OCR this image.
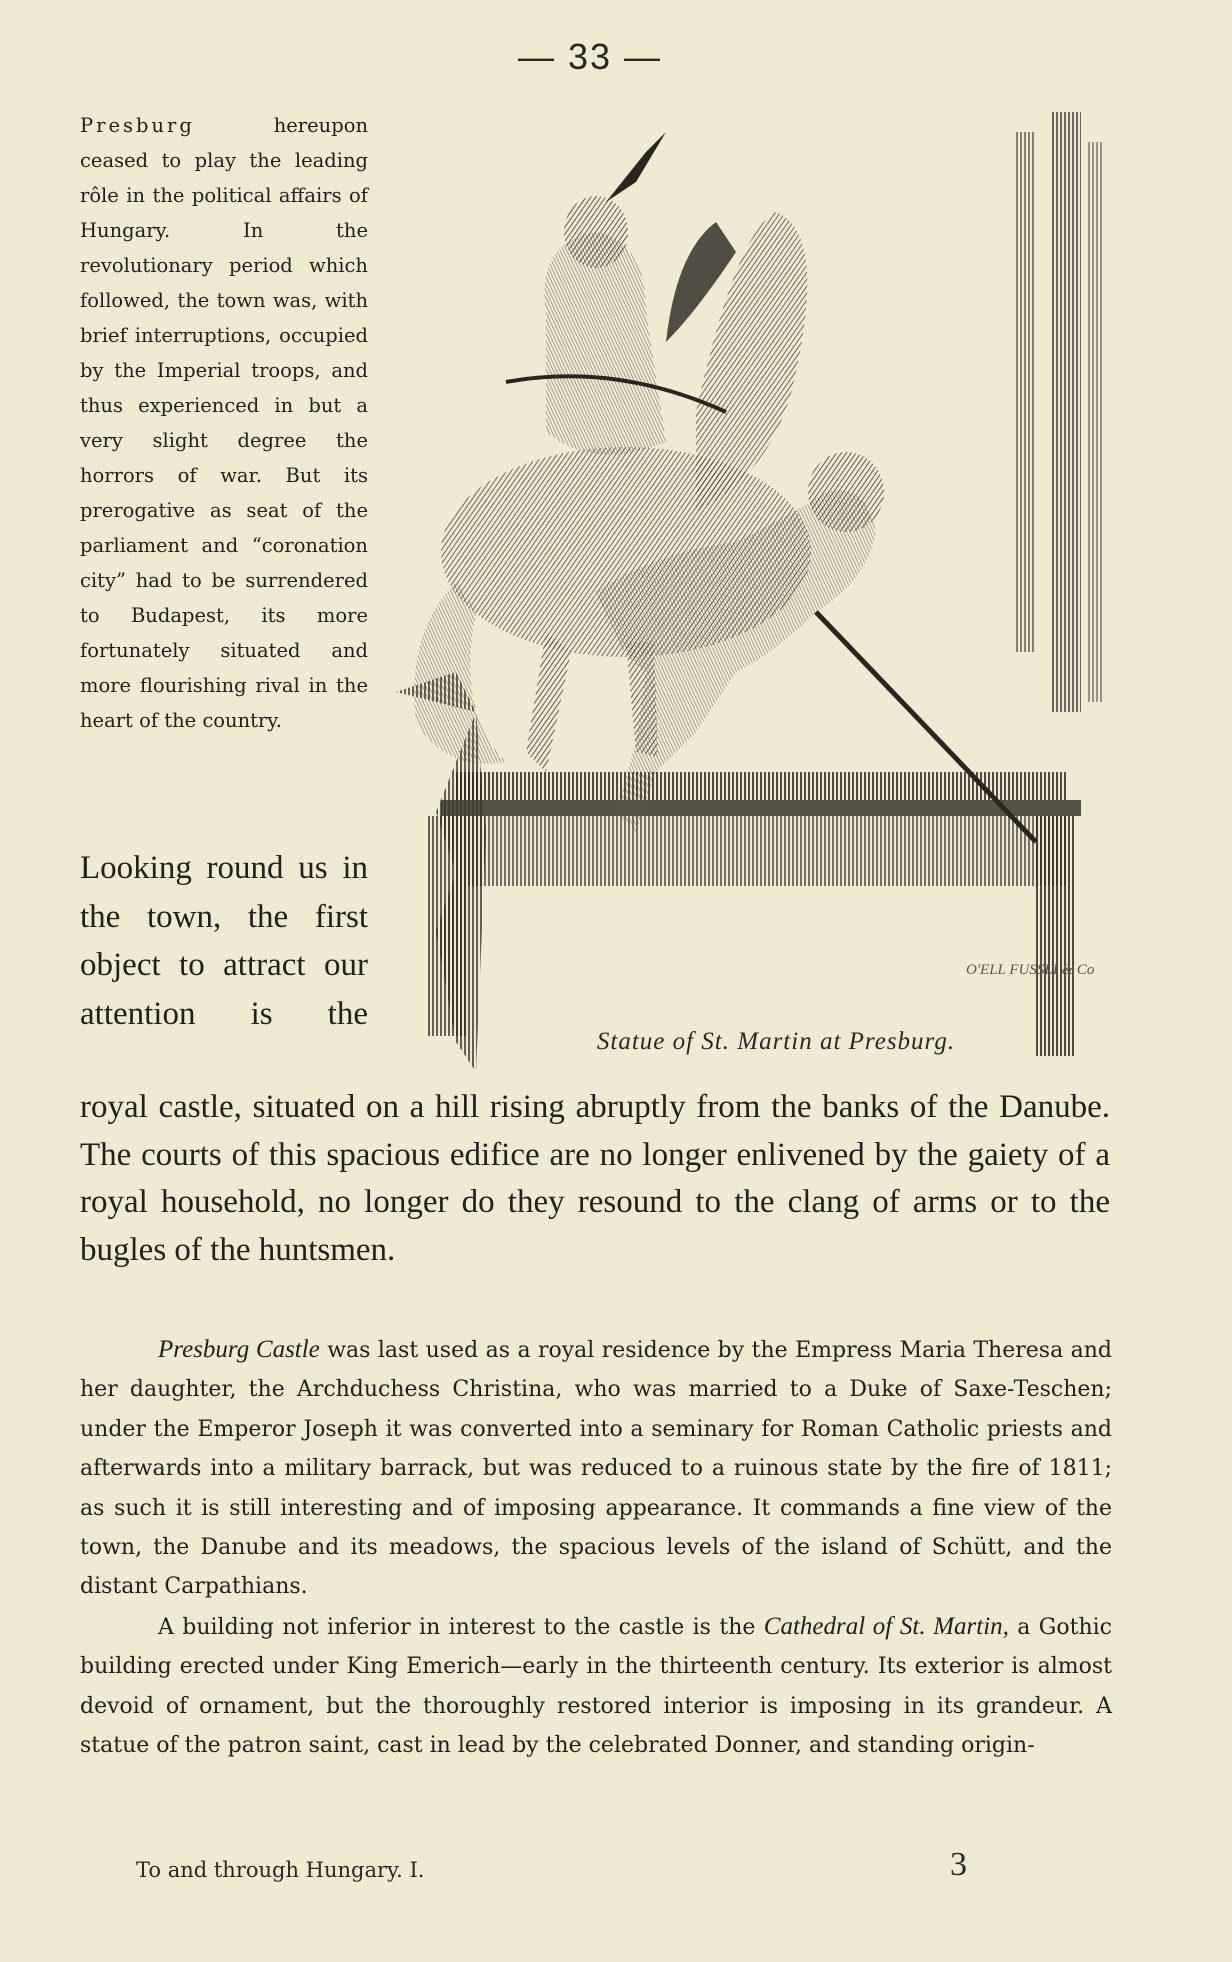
— 33 —

Presburg hereupon ceased to play the leading rôle in the political affairs of Hungary. In the revolutionary period which followed, the town was, with brief interruptions, occupied by the Imperial troops, and thus experienced in but a very slight degree the horrors of war. But its prerogative as seat of the parliament and “coronation city” had to be surrendered to Budapest, its more fortunately situated and more flourishing rival in the heart of the country.

Looking round us in the town, the first object to attract our attention is the

O'ELL FUSSLI & Co
Statue of St. Martin at Presburg.

royal castle, situated on a hill rising abruptly from the banks of the Danube. The courts of this spacious edifice are no longer enlivened by the gaiety of a royal household, no longer do they resound to the clang of arms or to the bugles of the huntsmen.

Presburg Castle was last used as a royal residence by the Empress Maria Theresa and her daughter, the Archduchess Christina, who was married to a Duke of Saxe-Teschen; under the Emperor Joseph it was converted into a seminary for Roman Catholic priests and afterwards into a military barrack, but was reduced to a ruinous state by the fire of 1811; as such it is still interesting and of imposing appearance. It commands a fine view of the town, the Danube and its meadows, the spacious levels of the island of Schütt, and the distant Carpathians.

A building not inferior in interest to the castle is the Cathedral of St. Martin, a Gothic building erected under King Emerich—early in the thirteenth century. Its exterior is almost devoid of ornament, but the thoroughly restored interior is imposing in its grandeur. A statue of the patron saint, cast in lead by the celebrated Donner, and standing origin-

To and through Hungary. I.	3
